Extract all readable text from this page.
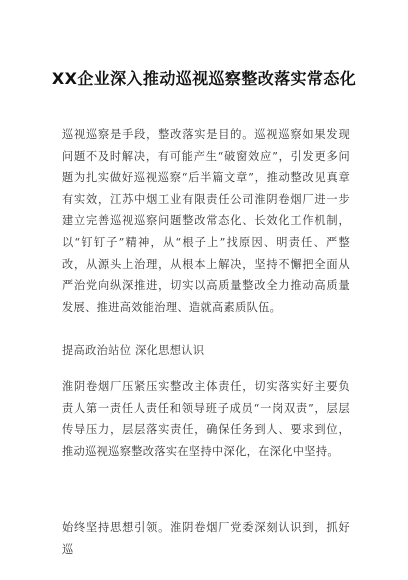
XX企业深入推动巡视巡察整改落实常态化
巡视巡察是手段，整改落实是目的。巡视巡察如果发现问题不及时解决，有可能产生“破窗效应”，引发更多问题为扎实做好巡视巡察“后半篇文章”，推动整改见真章有实效，江苏中烟工业有限责任公司淮阴卷烟厂进一步建立完善巡视巡察问题整改常态化、长效化工作机制，以“钉钉子”精神，从“根子上”找原因、明责任、严整改，从源头上治理，从根本上解决，坚持不懈把全面从严治党向纵深推进，切实以高质量整改全力推动高质量发展、推进高效能治理、造就高素质队伍。
提高政治站位 深化思想认识
淮阴卷烟厂压紧压实整改主体责任，切实落实好主要负责人第一责任人责任和领导班子成员“一岗双责”，层层传导压力，层层落实责任，确保任务到人、要求到位，推动巡视巡察整改落实在坚持中深化，在深化中坚持。
始终坚持思想引领。淮阴卷烟厂党委深刻认识到，抓好巡
